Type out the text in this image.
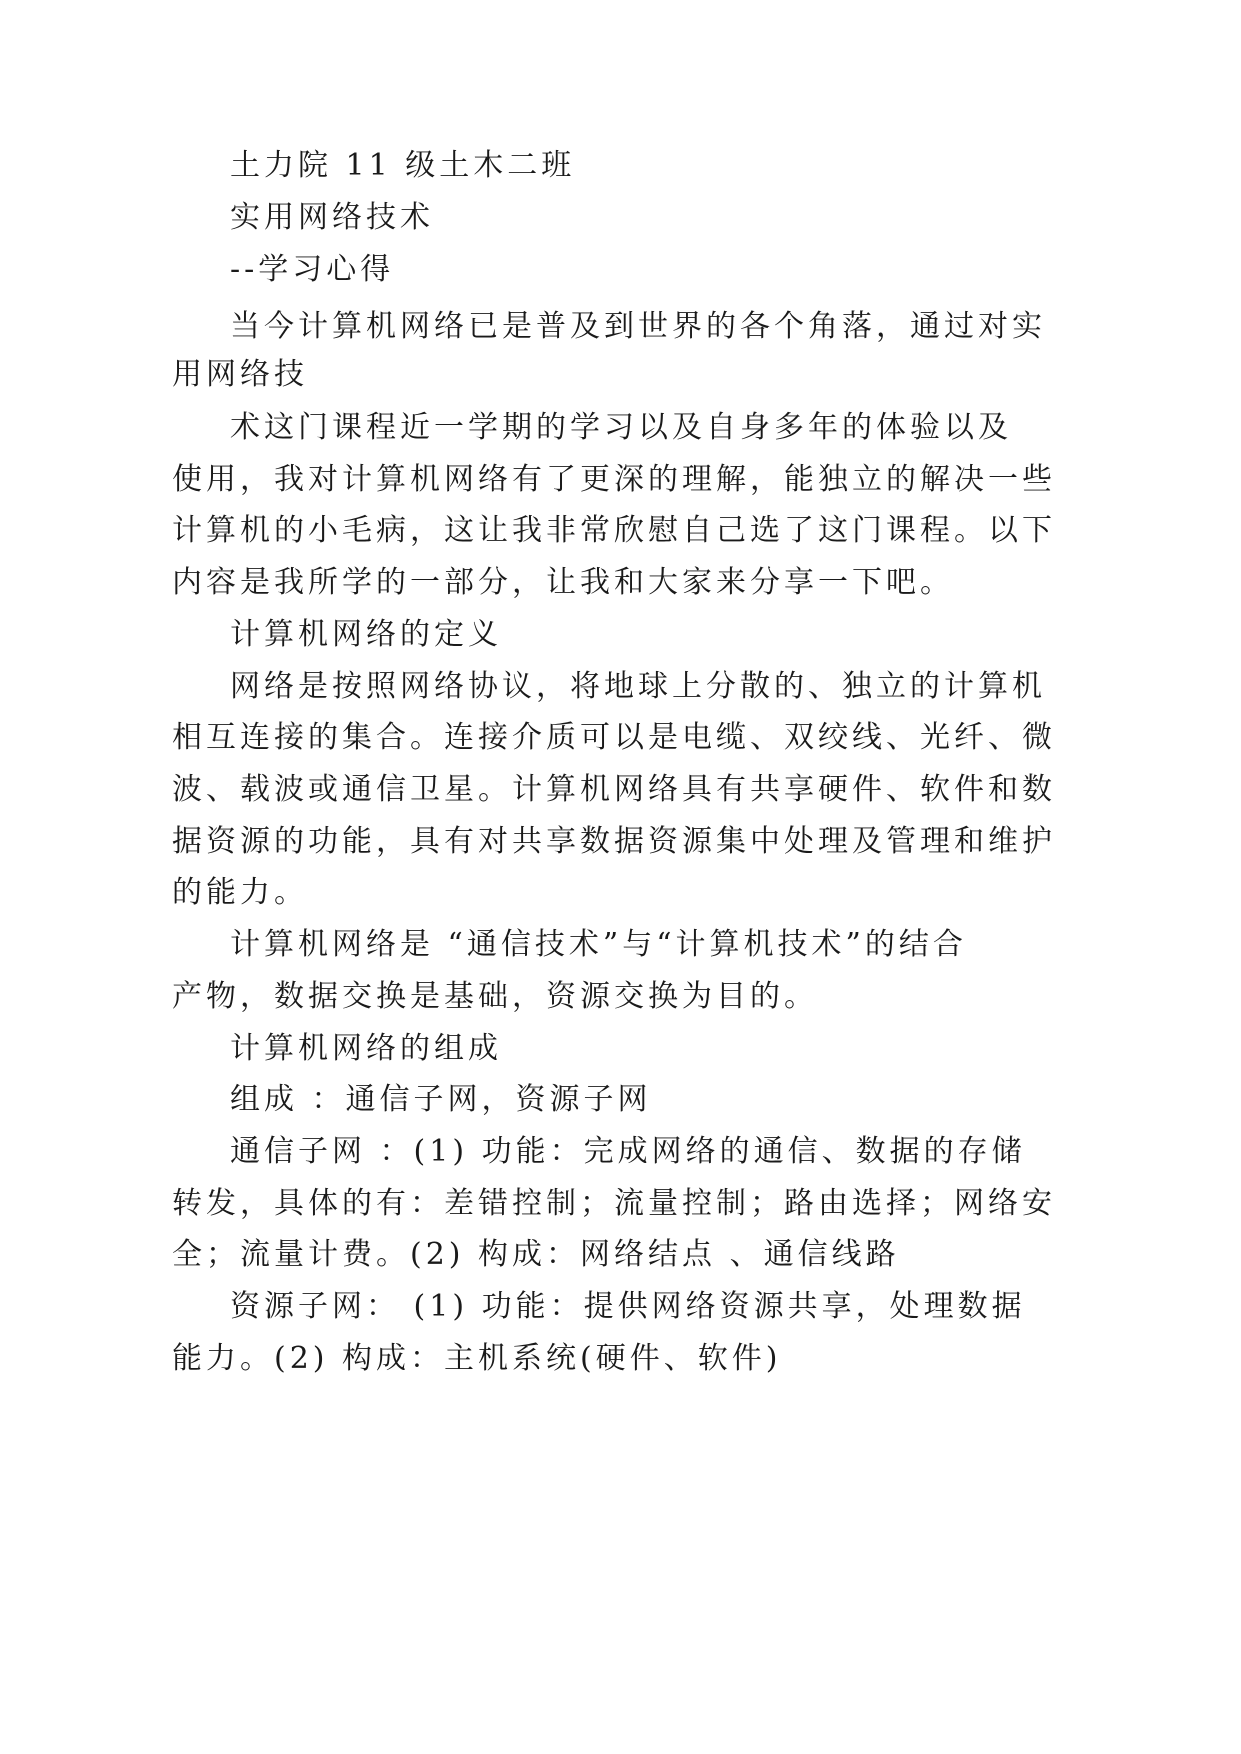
土力院 11 级土木二班
实用网络技术
--学习心得
当今计算机网络已是普及到世界的各个角落，通过对实
用网络技
术这门课程近一学期的学习以及自身多年的体验以及
使用，我对计算机网络有了更深的理解，能独立的解决一些
计算机的小毛病，这让我非常欣慰自己选了这门课程。以下
内容是我所学的一部分，让我和大家来分享一下吧。
计算机网络的定义
网络是按照网络协议，将地球上分散的、独立的计算机
相互连接的集合。连接介质可以是电缆、双绞线、光纤、微
波、载波或通信卫星。计算机网络具有共享硬件、软件和数
据资源的功能，具有对共享数据资源集中处理及管理和维护
的能力。
计算机网络是 “通信技术”与“计算机技术”的结合
产物，数据交换是基础，资源交换为目的。
计算机网络的组成
组成 ：通信子网，资源子网
通信子网 ：(1) 功能：完成网络的通信、数据的存储
转发，具体的有：差错控制；流量控制；路由选择；网络安
全；流量计费。(2) 构成：网络结点 、通信线路
资源子网： (1) 功能：提供网络资源共享，处理数据
能力。(2) 构成：主机系统(硬件、软件)
